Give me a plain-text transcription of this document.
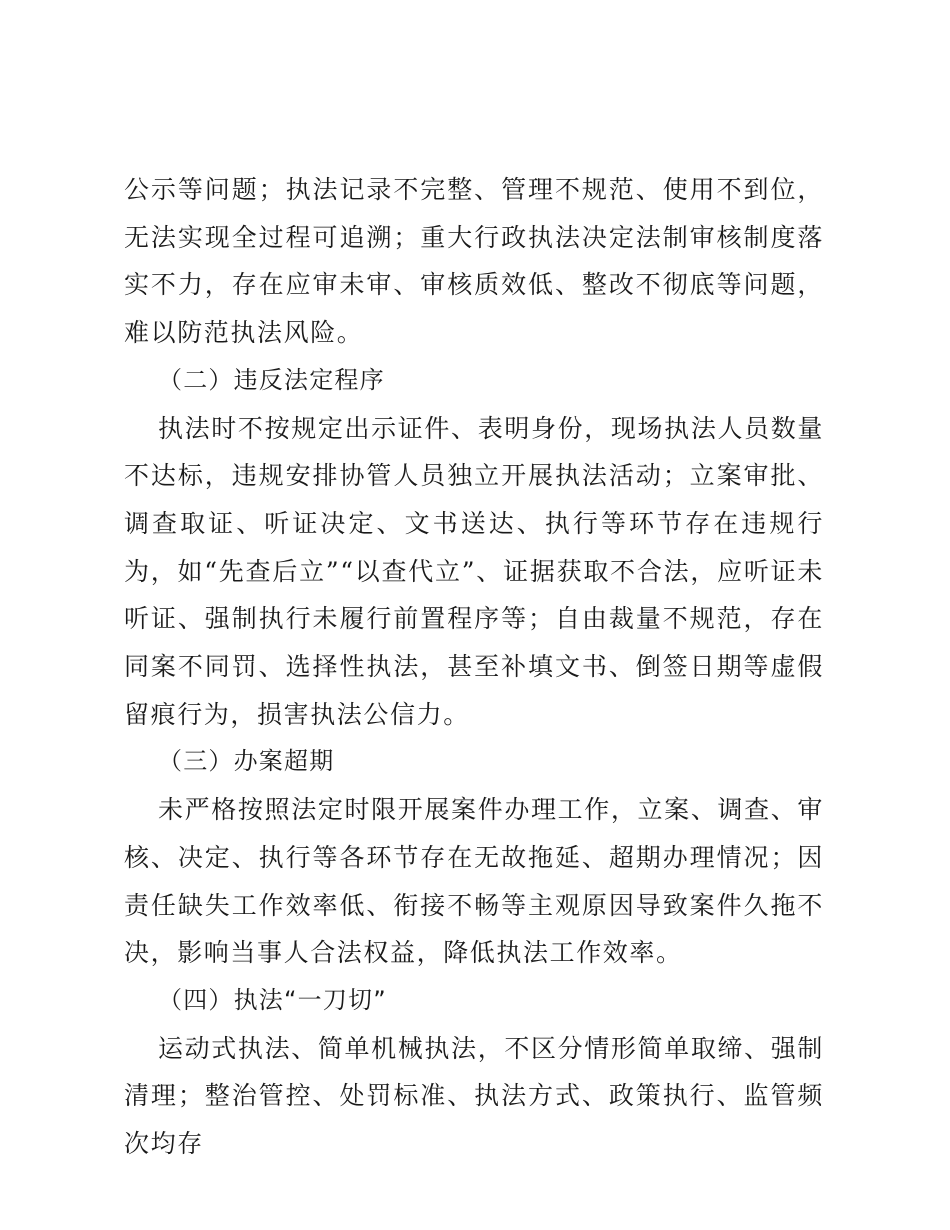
公示等问题；执法记录不完整、管理不规范、使用不到位，无法实现全过程可追溯；重大行政执法决定法制审核制度落实不力，存在应审未审、审核质效低、整改不彻底等问题，难以防范执法风险。

（二）违反法定程序

执法时不按规定出示证件、表明身份，现场执法人员数量不达标，违规安排协管人员独立开展执法活动；立案审批、调查取证、听证决定、文书送达、执行等环节存在违规行为，如“先查后立”“以查代立”、证据获取不合法，应听证未听证、强制执行未履行前置程序等；自由裁量不规范，存在同案不同罚、选择性执法，甚至补填文书、倒签日期等虚假留痕行为，损害执法公信力。

（三）办案超期

未严格按照法定时限开展案件办理工作，立案、调查、审核、决定、执行等各环节存在无故拖延、超期办理情况；因责任缺失工作效率低、衔接不畅等主观原因导致案件久拖不决，影响当事人合法权益，降低执法工作效率。

（四）执法“一刀切”

运动式执法、简单机械执法，不区分情形简单取缔、强制清理；整治管控、处罚标准、执法方式、政策执行、监管频次均存
